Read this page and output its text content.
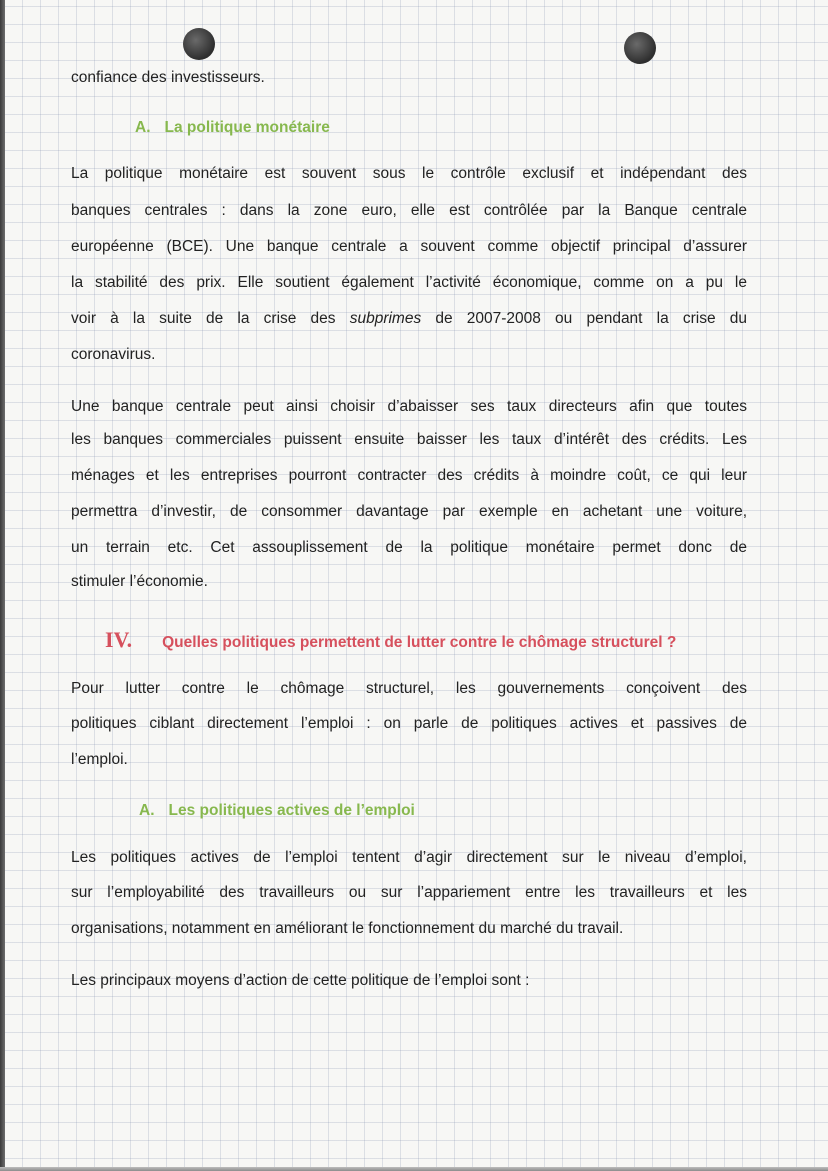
confiance des investisseurs.
A. La politique monétaire
La politique monétaire est souvent sous le contrôle exclusif et indépendant des
banques centrales : dans la zone euro, elle est contrôlée par la Banque centrale
européenne (BCE). Une banque centrale a souvent comme objectif principal d’assurer
la stabilité des prix. Elle soutient également l’activité économique, comme on a pu le
voir à la suite de la crise des subprimes de 2007-2008 ou pendant la crise du
coronavirus.
Une banque centrale peut ainsi choisir d’abaisser ses taux directeurs afin que toutes
les banques commerciales puissent ensuite baisser les taux d’intérêt des crédits. Les
ménages et les entreprises pourront contracter des crédits à moindre coût, ce qui leur
permettra d’investir, de consommer davantage par exemple en achetant une voiture,
un terrain etc. Cet assouplissement de la politique monétaire permet donc de
stimuler l’économie.
IV. Quelles politiques permettent de lutter contre le chômage structurel ?
Pour lutter contre le chômage structurel, les gouvernements conçoivent des
politiques ciblant directement l’emploi : on parle de politiques actives et passives de
l’emploi.
A. Les politiques actives de l’emploi
Les politiques actives de l’emploi tentent d’agir directement sur le niveau d’emploi,
sur l’employabilité des travailleurs ou sur l’appariement entre les travailleurs et les
organisations, notamment en améliorant le fonctionnement du marché du travail.
Les principaux moyens d’action de cette politique de l’emploi sont :
